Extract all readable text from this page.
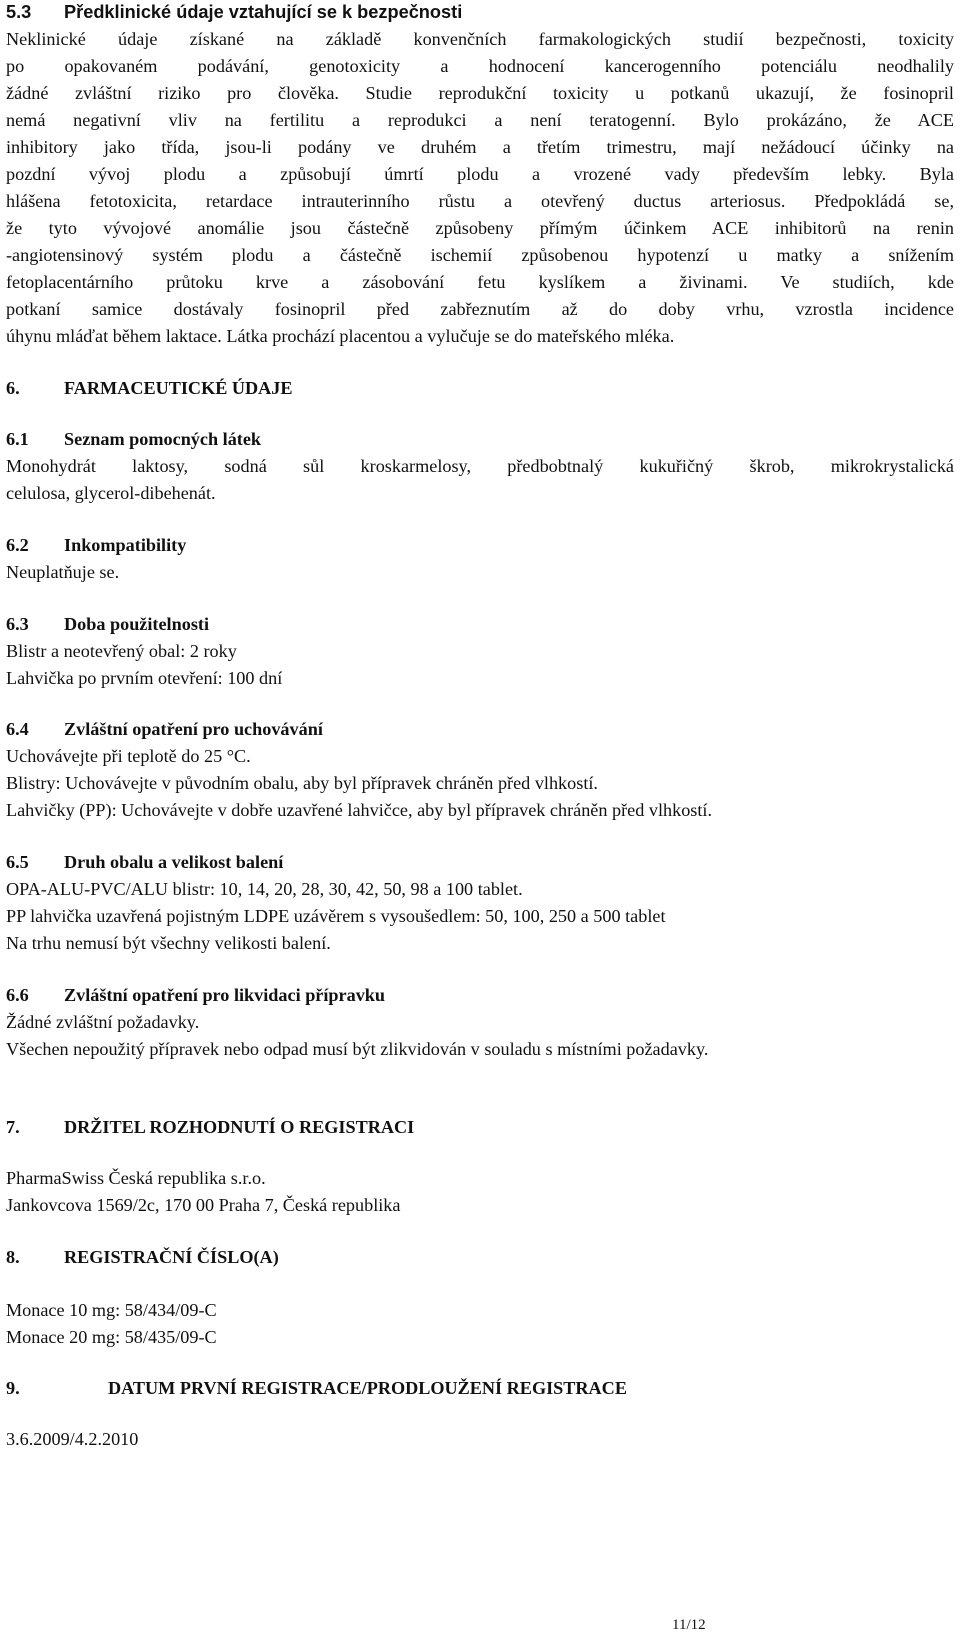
5.3 Předklinické údaje vztahující se k bezpečnosti
Neklinické údaje získané na základě konvenčních farmakologických studií bezpečnosti, toxicity
po opakovaném podávání, genotoxicity a hodnocení kancerogenního potenciálu neodhalily
žádné zvláštní riziko pro člověka. Studie reprodukční toxicity u potkanů ukazují, že fosinopril
nemá negativní vliv na fertilitu a reprodukci a není teratogenní. Bylo prokázáno, že ACE
inhibitory jako třída, jsou-li podány ve druhém a třetím trimestru, mají nežádoucí účinky na
pozdní vývoj plodu a způsobují úmrtí plodu a vrozené vady především lebky. Byla
hlášena fetotoxicita, retardace intrauterinního růstu a otevřený ductus arteriosus. Předpokládá se,
že tyto vývojové anomálie jsou částečně způsobeny přímým účinkem ACE inhibitorů na renin
-angiotensinový systém plodu a částečně ischemií způsobenou hypotenzí u matky a snížením
fetoplacentárního průtoku krve a zásobování fetu kyslíkem a živinami. Ve studiích, kde
potkaní samice dostávaly fosinopril před zabřeznutím až do doby vrhu, vzrostla incidence
úhynu mláďat během laktace. Látka prochází placentou a vylučuje se do mateřského mléka.
6. FARMACEUTICKÉ ÚDAJE
6.1 Seznam pomocných látek
Monohydrát laktosy, sodná sůl kroskarmelosy, předbobtnalý kukuřičný škrob, mikrokrystalická
celulosa, glycerol-dibehenát.
6.2 Inkompatibility
Neuplatňuje se.
6.3 Doba použitelnosti
Blistr a neotevřený obal: 2 roky
Lahvička po prvním otevření: 100 dní
6.4 Zvláštní opatření pro uchovávání
Uchovávejte při teplotě do 25 °C.
Blistry: Uchovávejte v původním obalu, aby byl přípravek chráněn před vlhkostí.
Lahvičky (PP): Uchovávejte v dobře uzavřené lahvičce, aby byl přípravek chráněn před vlhkostí.
6.5 Druh obalu a velikost balení
OPA-ALU-PVC/ALU blistr: 10, 14, 20, 28, 30, 42, 50, 98 a 100 tablet.
PP lahvička uzavřená pojistným LDPE uzávěrem s vysoušedlem: 50, 100, 250 a 500 tablet
Na trhu nemusí být všechny velikosti balení.
6.6 Zvláštní opatření pro likvidaci přípravku
Žádné zvláštní požadavky.
Všechen nepoužitý přípravek nebo odpad musí být zlikvidován v souladu s místními požadavky.
7. DRŽITEL ROZHODNUTÍ O REGISTRACI
PharmaSwiss Česká republika s.r.o.
Jankovcova 1569/2c, 170 00 Praha 7, Česká republika
8. REGISTRAČNÍ ČÍSLO(A)
Monace 10 mg: 58/434/09-C
Monace 20 mg: 58/435/09-C
9.	DATUM PRVNÍ REGISTRACE/PRODLOUŽENÍ REGISTRACE
3.6.2009/4.2.2010
11/12
